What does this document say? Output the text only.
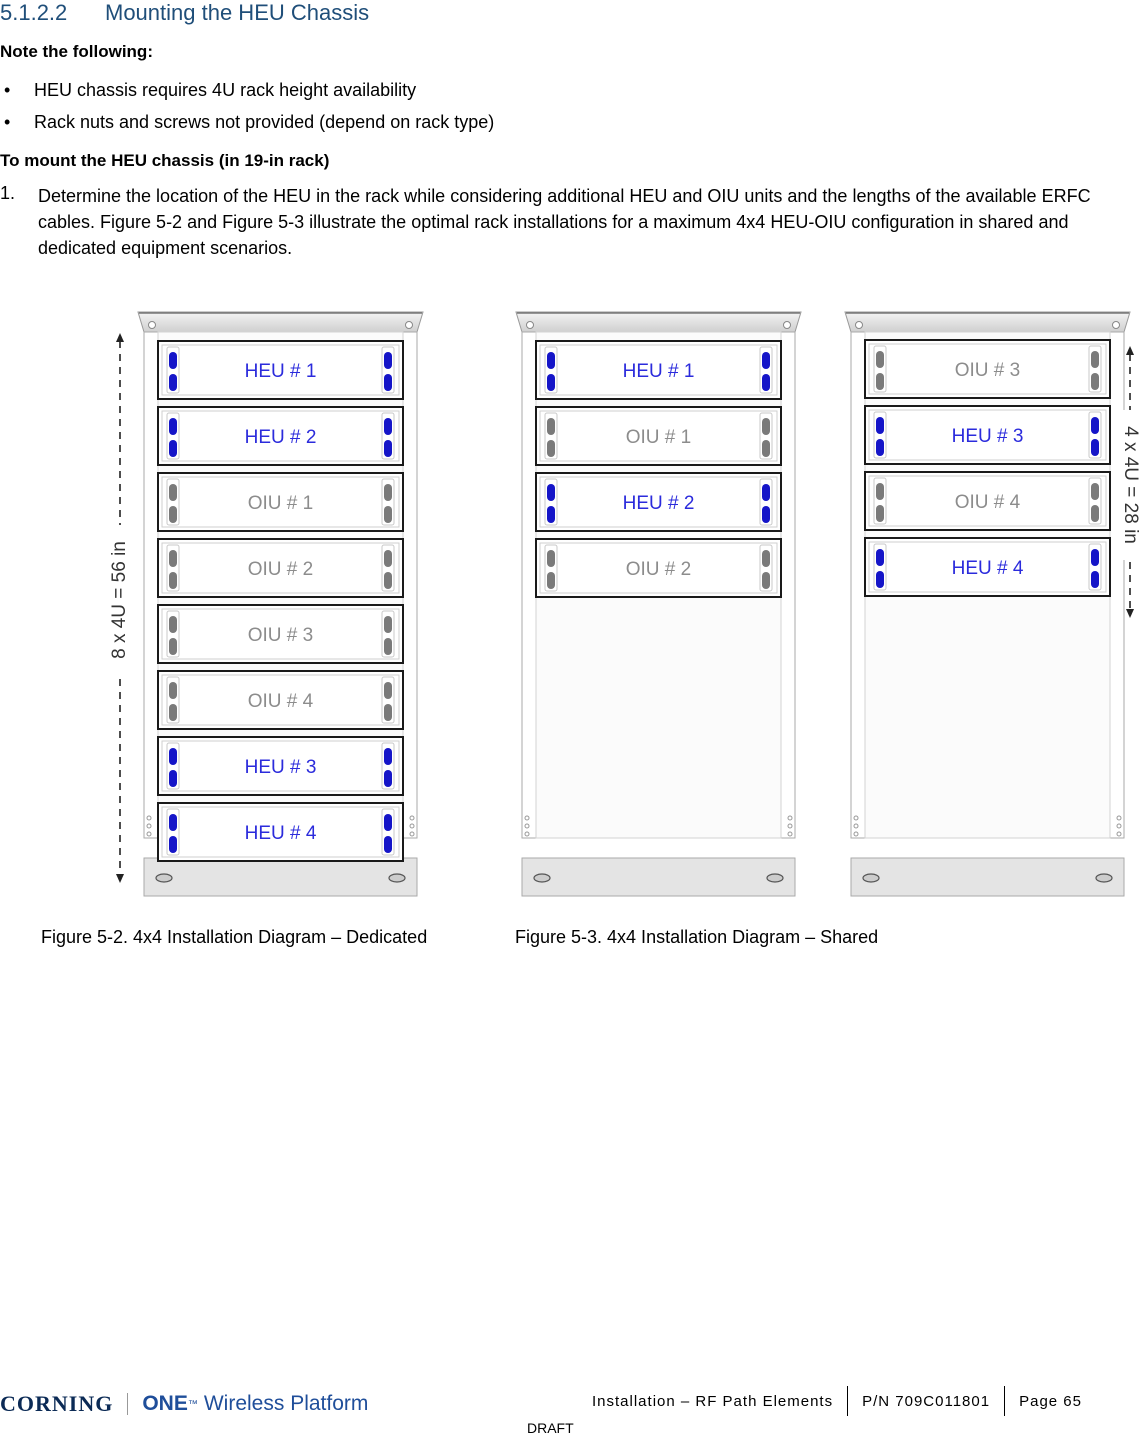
5.1.2.2 Mounting the HEU Chassis
Note the following:
• HEU chassis requires 4U rack height availability
• Rack nuts and screws not provided (depend on rack type)
To mount the HEU chassis (in 19-in rack)
1. Determine the location of the HEU in the rack while considering additional HEU and OIU units and the lengths of the available ERFC cables. Figure 5-2 and Figure 5-3 illustrate the optimal rack installations for a maximum 4x4 HEU-OIU configuration in shared and dedicated equipment scenarios.
HEU # 1
HEU # 2
OIU # 1
OIU # 2
OIU # 3
OIU # 4
HEU # 3
HEU # 4
HEU # 1
OIU # 1
HEU # 2
OIU # 2
OIU # 3
HEU # 3
OIU # 4
HEU # 4
8 x 4U = 56 in
4 x 4U = 28 in
Figure 5-2. 4x4 Installation Diagram – Dedicated	Figure 5-3. 4x4 Installation Diagram – Shared
CORNING ONE ™ Wireless Platform	Installation – RF Path Elements P/N 709C011801 Page 65
DRAFT
